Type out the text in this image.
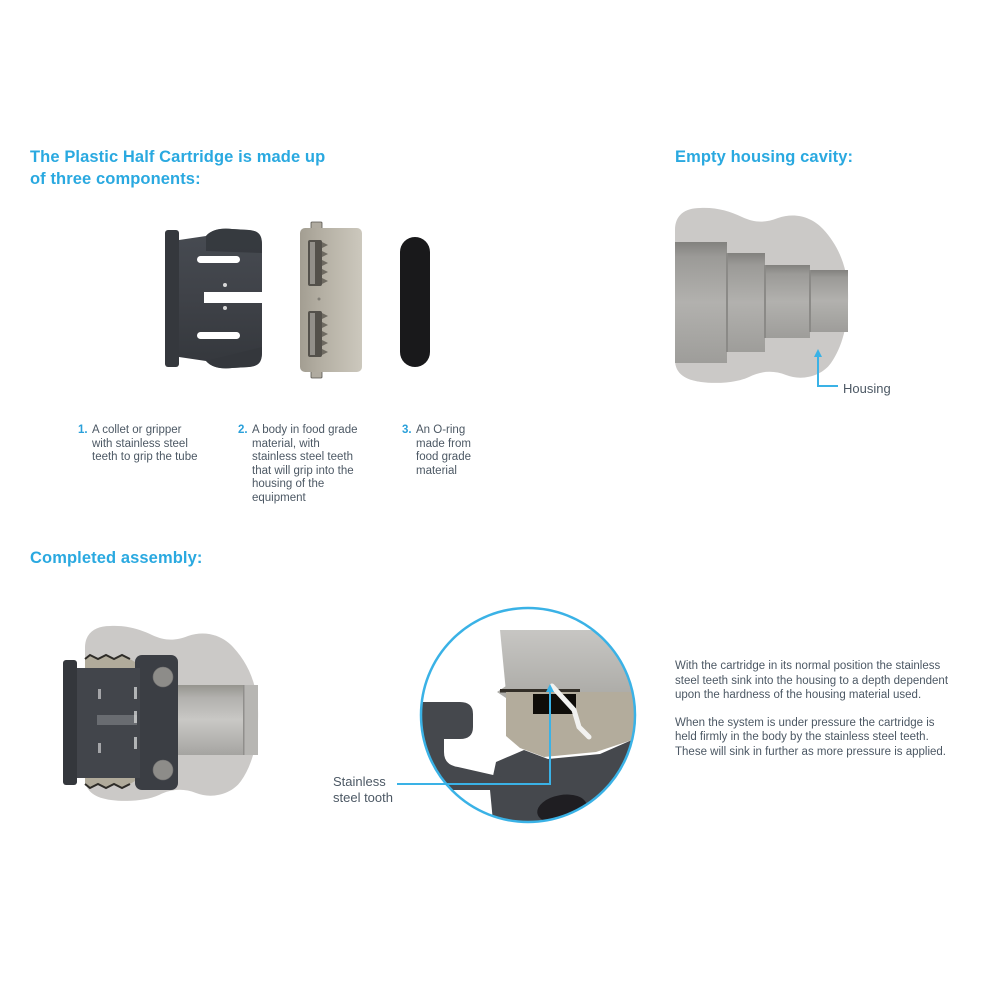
The Plastic Half Cartridge is made up
of three components:
1. A collet or gripper with stainless steel teeth to grip the tube
2. A body in food grade material, with stainless steel teeth that will grip into the housing of the equipment
3. An O-ring made from food grade material
Empty housing cavity:
Housing
Completed assembly:
Stainless steel tooth

With the cartridge in its normal position the stainless steel teeth sink into the housing to a depth dependent upon the hardness of the housing material used.

When the system is under pressure the cartridge is held firmly in the body by the stainless steel teeth. These will sink in further as more pressure is applied.
